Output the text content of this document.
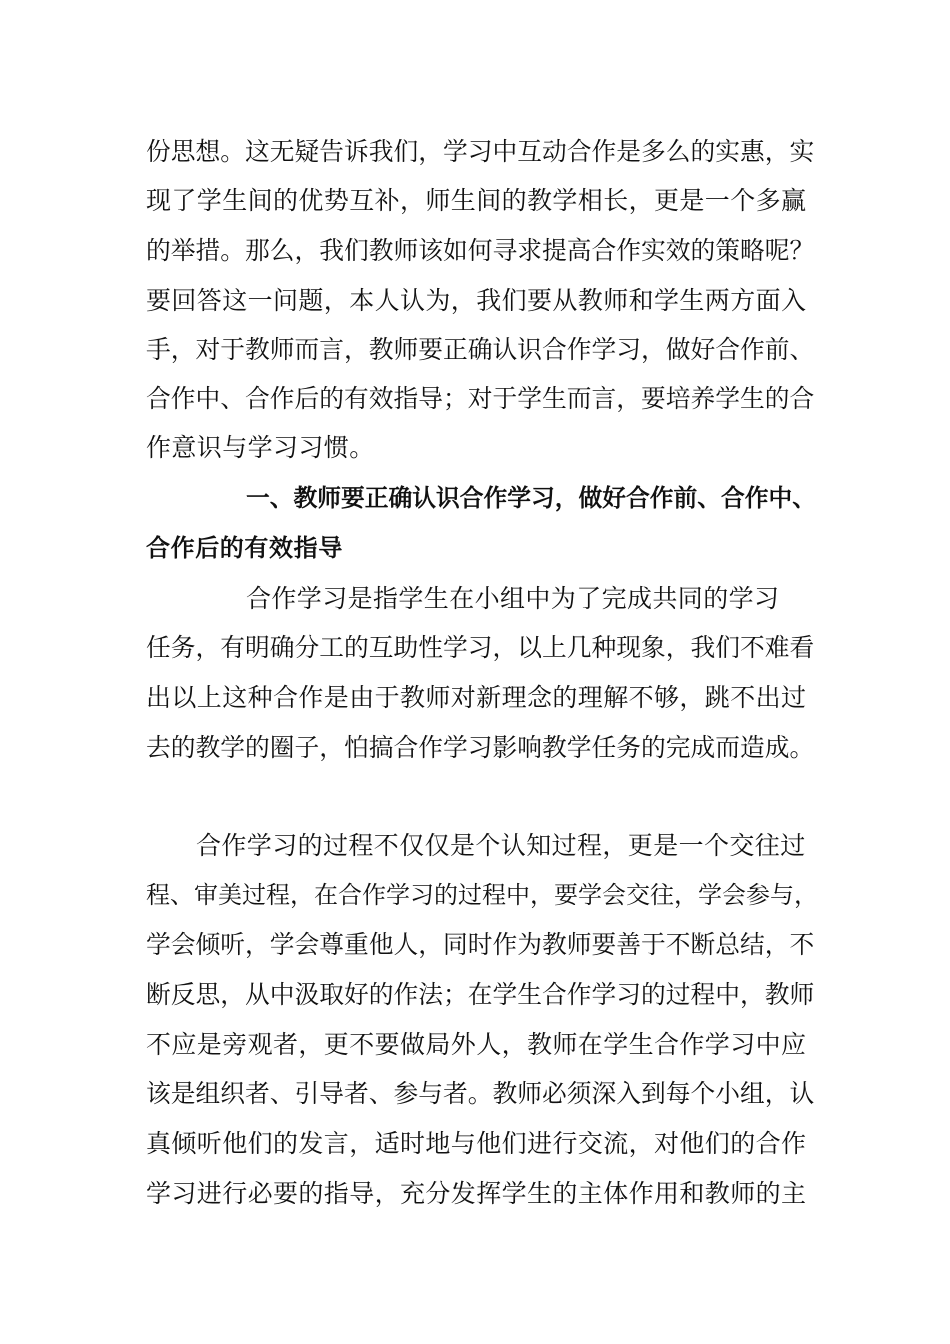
份思想。这无疑告诉我们，学习中互动合作是多么的实惠，实
现了学生间的优势互补，师生间的教学相长，更是一个多赢
的举措。那么，我们教师该如何寻求提高合作实效的策略呢？
要回答这一问题，本人认为，我们要从教师和学生两方面入
手，对于教师而言，教师要正确认识合作学习，做好合作前、
合作中、合作后的有效指导；对于学生而言，要培养学生的合
作意识与学习习惯。
一、教师要正确认识合作学习，做好合作前、合作中、
合作后的有效指导
合作学习是指学生在小组中为了完成共同的学习
任务，有明确分工的互助性学习，以上几种现象，我们不难看
出以上这种合作是由于教师对新理念的理解不够，跳不出过
去的教学的圈子，怕搞合作学习影响教学任务的完成而造成。
合作学习的过程不仅仅是个认知过程，更是一个交往过
程、审美过程，在合作学习的过程中，要学会交往，学会参与，
学会倾听，学会尊重他人，同时作为教师要善于不断总结，不
断反思，从中汲取好的作法；在学生合作学习的过程中，教师
不应是旁观者，更不要做局外人，教师在学生合作学习中应
该是组织者、引导者、参与者。教师必须深入到每个小组，认
真倾听他们的发言，适时地与他们进行交流，对他们的合作
学习进行必要的指导，充分发挥学生的主体作用和教师的主
